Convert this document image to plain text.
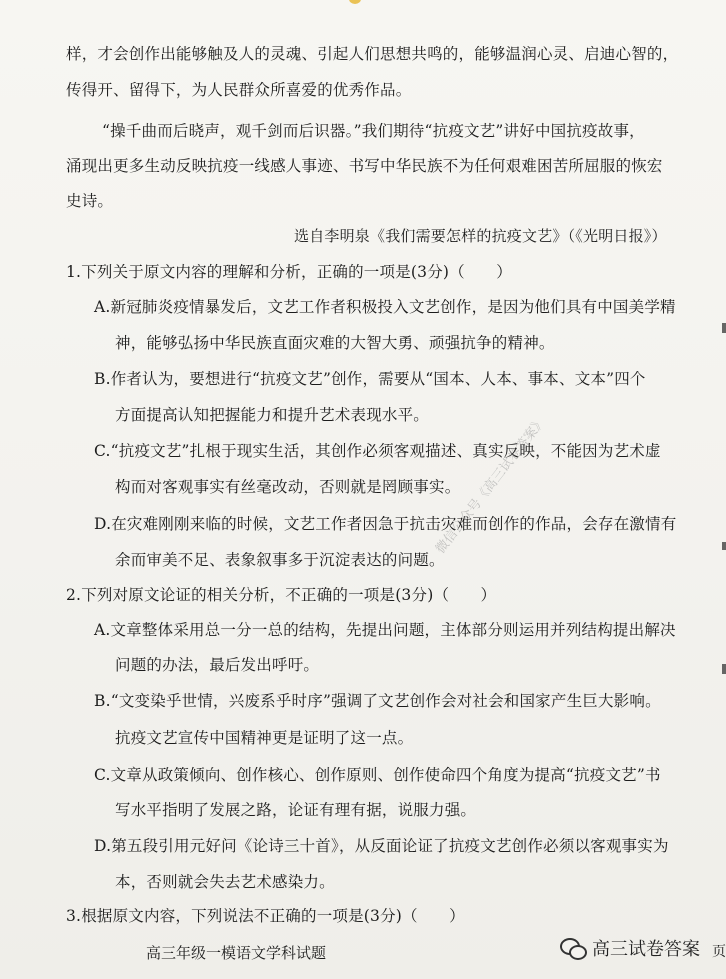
样，才会创作出能够触及人的灵魂、引起人们思想共鸣的，能够温润心灵、启迪心智的，
传得开、留得下，为人民群众所喜爱的优秀作品。
“操千曲而后晓声，观千剑而后识器。”我们期待“抗疫文艺”讲好中国抗疫故事，
涌现出更多生动反映抗疫一线感人事迹、书写中华民族不为任何艰难困苦所屈服的恢宏
史诗。
选自李明泉《我们需要怎样的抗疫文艺》（《光明日报》）
1.下列关于原文内容的理解和分析，正确的一项是(3分)（　　）
A.新冠肺炎疫情暴发后，文艺工作者积极投入文艺创作，是因为他们具有中国美学精
神，能够弘扬中华民族直面灾难的大智大勇、顽强抗争的精神。
B.作者认为，要想进行“抗疫文艺”创作，需要从“国本、人本、事本、文本”四个
方面提高认知把握能力和提升艺术表现水平。
C.“抗疫文艺”扎根于现实生活，其创作必须客观描述、真实反映，不能因为艺术虚
构而对客观事实有丝毫改动，否则就是罔顾事实。
D.在灾难刚刚来临的时候，文艺工作者因急于抗击灾难而创作的作品，会存在激情有
余而审美不足、表象叙事多于沉淀表达的问题。
2.下列对原文论证的相关分析，不正确的一项是(3分)（　　）
A.文章整体采用总一分一总的结构，先提出问题，主体部分则运用并列结构提出解决
问题的办法，最后发出呼吁。
B.“文变染乎世情，兴废系乎时序”强调了文艺创作会对社会和国家产生巨大影响。
抗疫文艺宣传中国精神更是证明了这一点。
C.文章从政策倾向、创作核心、创作原则、创作使命四个角度为提高“抗疫文艺”书
写水平指明了发展之路，论证有理有据，说服力强。
D.第五段引用元好问《论诗三十首》，从反面论证了抗疫文艺创作必须以客观事实为
本，否则就会失去艺术感染力。
3.根据原文内容，下列说法不正确的一项是(3分)（　　）
微信公众号《高三试卷答案》
高三年级一模语文学科试题	高三试卷答案 页
